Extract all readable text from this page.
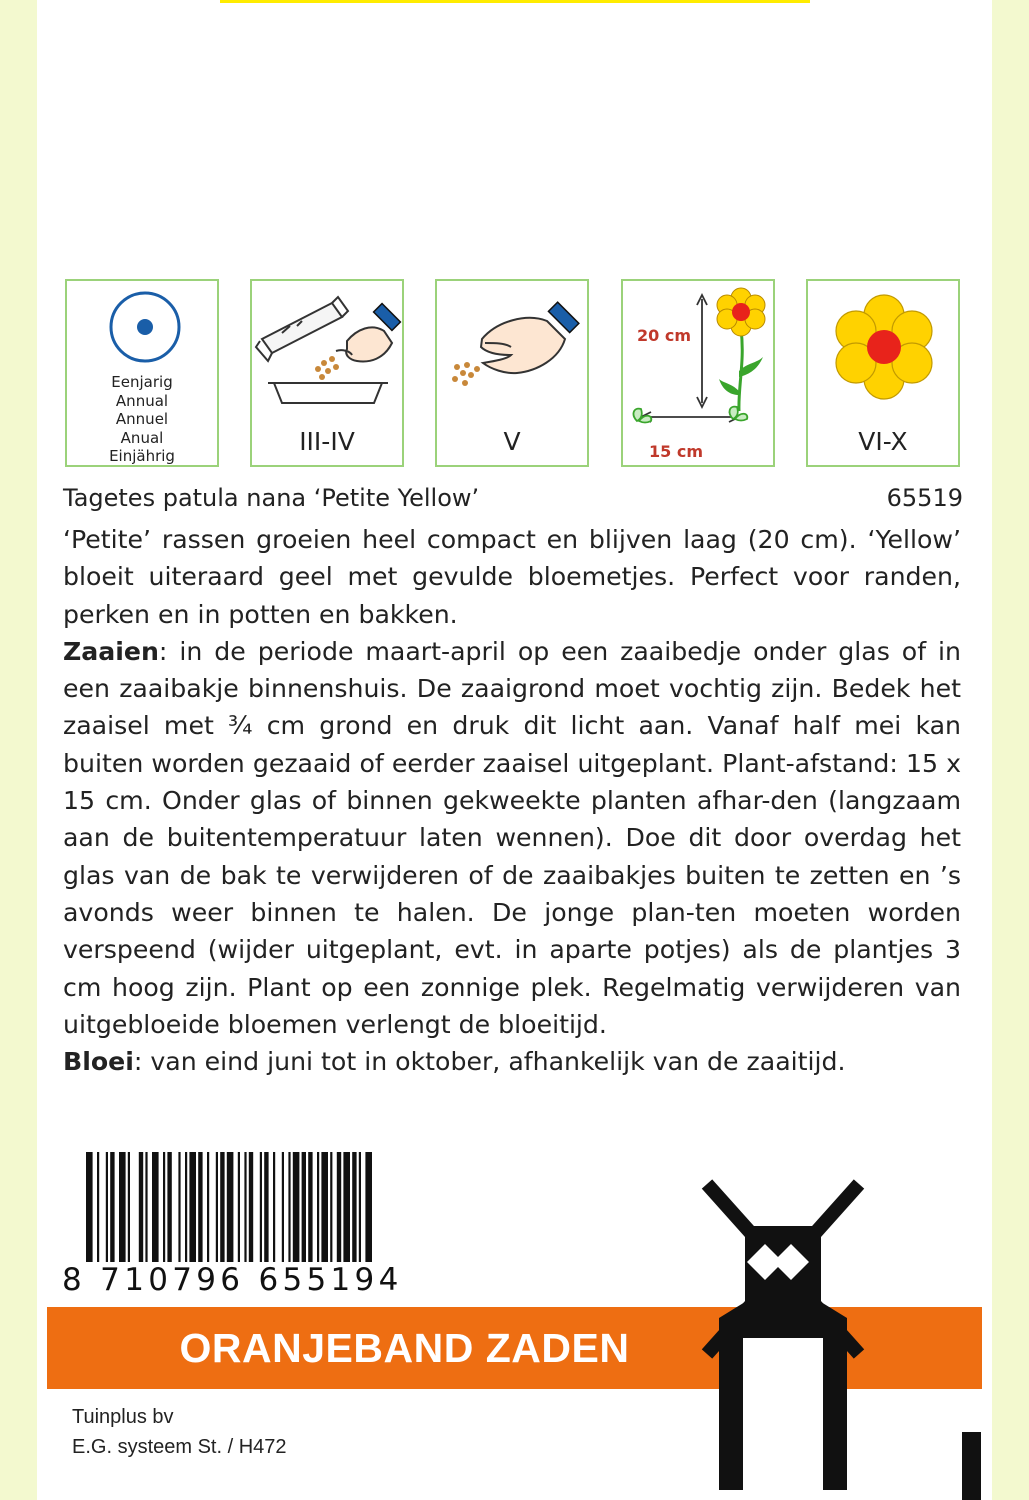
Eenjarig
Annual
Annuel
Anual
Einjährig	III-IV	V
20 cm
15 cm	VI-X
Tagetes patula nana ‘Petite Yellow’	65519

‘Petite’ rassen groeien heel compact en blijven laag (20 cm). ‘Yellow’ bloeit uiteraard geel met gevulde bloemetjes. Perfect voor randen, perken en in potten en bakken.

Zaaien: in de periode maart-april op een zaaibedje onder glas of in een zaaibakje binnenshuis. De zaaigrond moet vochtig zijn. Bedek het zaaisel met ¾ cm grond en druk dit licht aan. Vanaf half mei kan buiten worden gezaaid of eerder zaaisel uitgeplant. Plant-afstand: 15 x 15 cm. Onder glas of binnen gekweekte planten afhar-den (langzaam aan de buitentemperatuur laten wennen). Doe dit door overdag het glas van de bak te verwijderen of de zaaibakjes buiten te zetten en ’s avonds weer binnen te halen. De jonge plan-ten moeten worden verspeend (wijder uitgeplant, evt. in aparte potjes) als de plantjes 3 cm hoog zijn. Plant op een zonnige plek. Regelmatig verwijderen van uitgebloeide bloemen verlengt de bloeitijd.

Bloei: van eind juni tot in oktober, afhankelijk van de zaaitijd.

8 710796 655194
ORANJEBAND ZADEN
Tuinplus bv
E.G. systeem St. / H472
